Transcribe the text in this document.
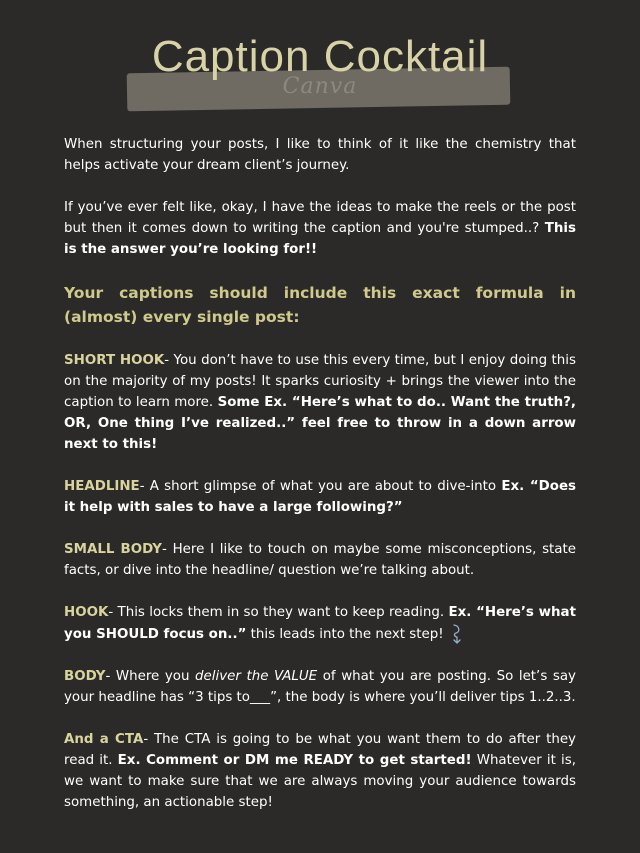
Canva
Caption Cocktail

When structuring your posts, I like to think of it like the chemistry that helps activate your dream client’s journey.

If you’ve ever felt like, okay, I have the ideas to make the reels or the post but then it comes down to writing the caption and you're stumped..? This is the answer you’re looking for!!

Your captions should include this exact formula in (almost) every single post:

SHORT HOOK- You don’t have to use this every time, but I enjoy doing this on the majority of my posts! It sparks curiosity + brings the viewer into the caption to learn more. Some Ex. “Here’s what to do.. Want the truth?, OR, One thing I’ve realized..” feel free to throw in a down arrow next to this!

HEADLINE- A short glimpse of what you are about to dive-into Ex. “Does it help with sales to have a large following?”

SMALL BODY- Here I like to touch on maybe some misconceptions, state facts, or dive into the headline/ question we’re talking about.

HOOK- This locks them in so they want to keep reading. Ex. “Here’s what you SHOULD focus on..” this leads into the next step!

BODY- Where you deliver the VALUE of what you are posting. So let’s say your headline has “3 tips to___”, the body is where you’ll deliver tips 1..2..3.

And a CTA- The CTA is going to be what you want them to do after they read it. Ex. Comment or DM me READY to get started! Whatever it is, we want to make sure that we are always moving your audience towards something, an actionable step!
